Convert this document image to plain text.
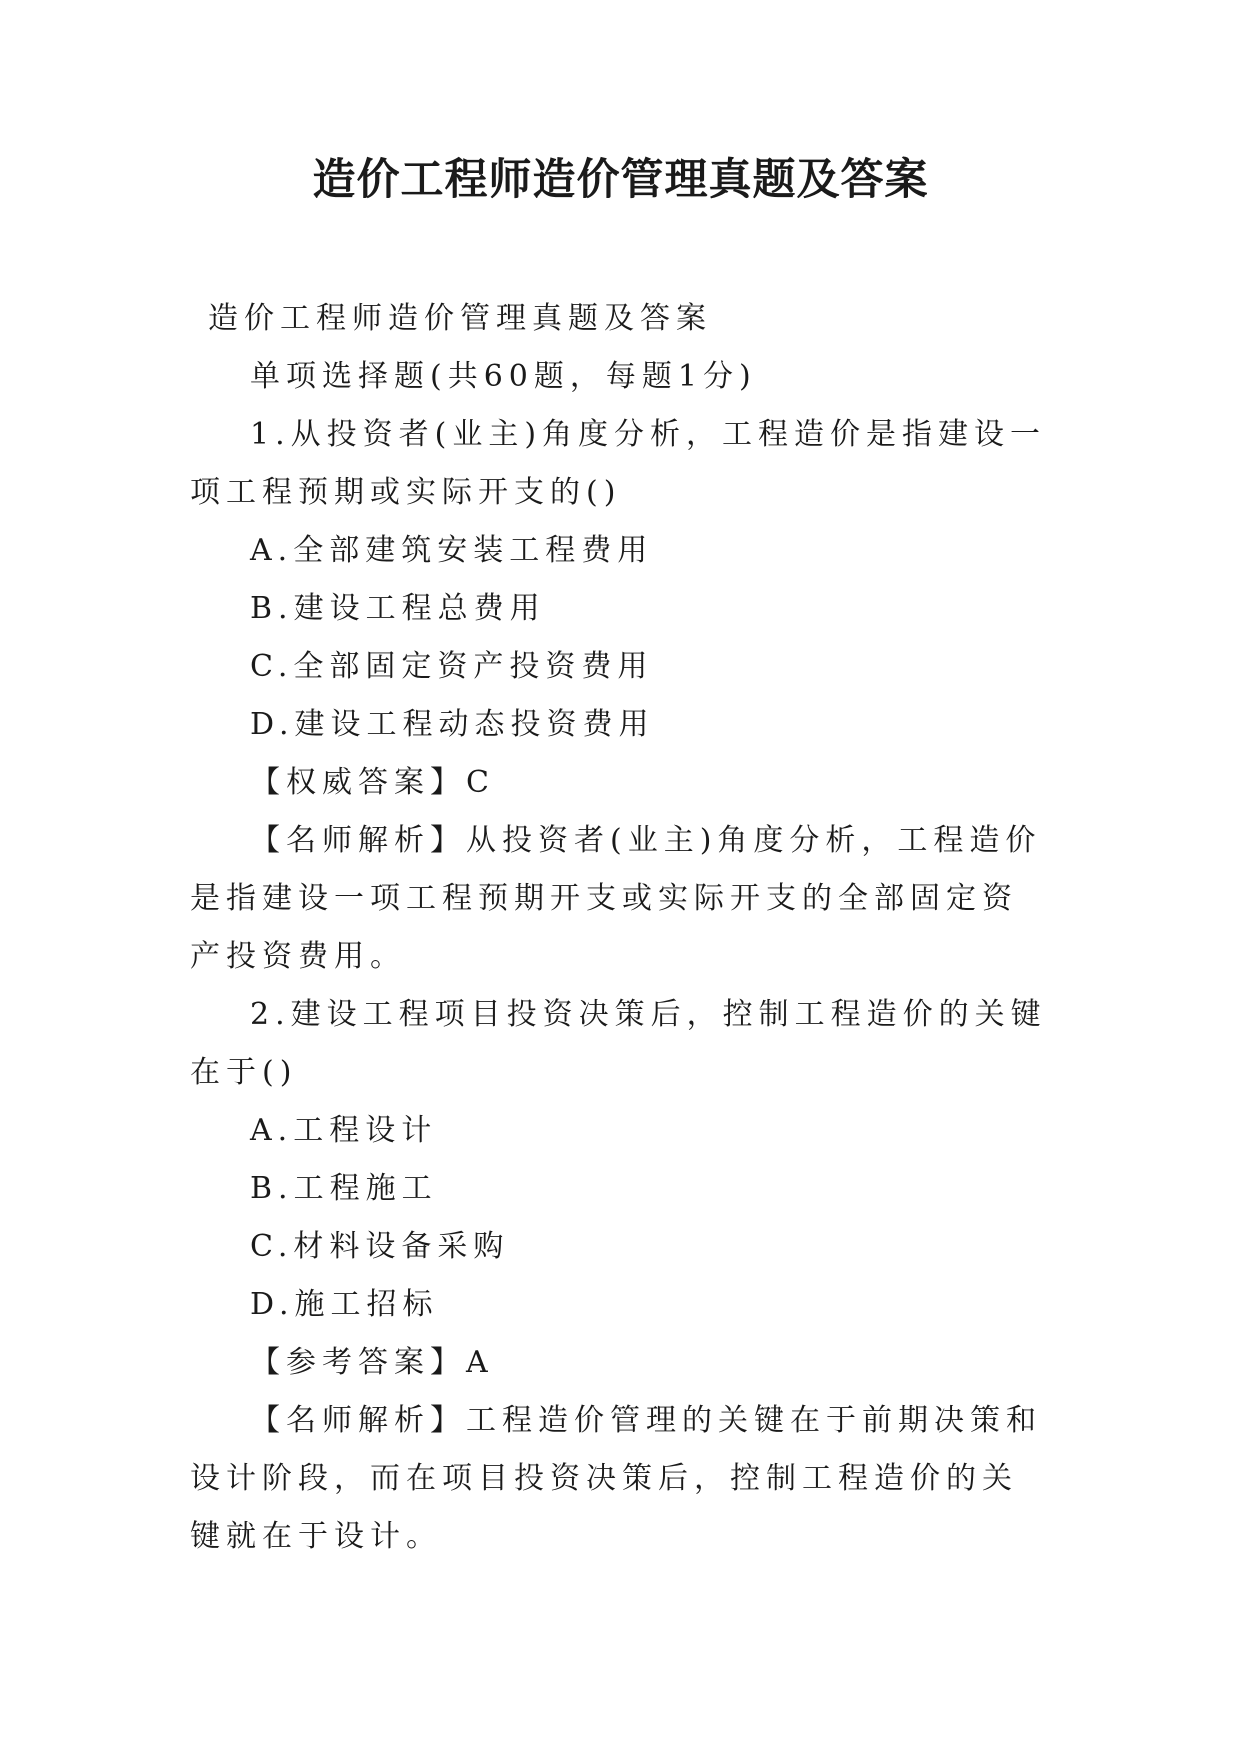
造价工程师造价管理真题及答案

造价工程师造价管理真题及答案

单项选择题(共60题，每题1分)

1.从投资者(业主)角度分析，工程造价是指建设一项工程预期或实际开支的()

A.全部建筑安装工程费用

B.建设工程总费用

C.全部固定资产投资费用

D.建设工程动态投资费用

【权威答案】C

【名师解析】从投资者(业主)角度分析，工程造价是指建设一项工程预期开支或实际开支的全部固定资产投资费用。

2.建设工程项目投资决策后，控制工程造价的关键在于()

A.工程设计

B.工程施工

C.材料设备采购

D.施工招标

【参考答案】A

【名师解析】工程造价管理的关键在于前期决策和设计阶段，而在项目投资决策后，控制工程造价的关键就在于设计。
